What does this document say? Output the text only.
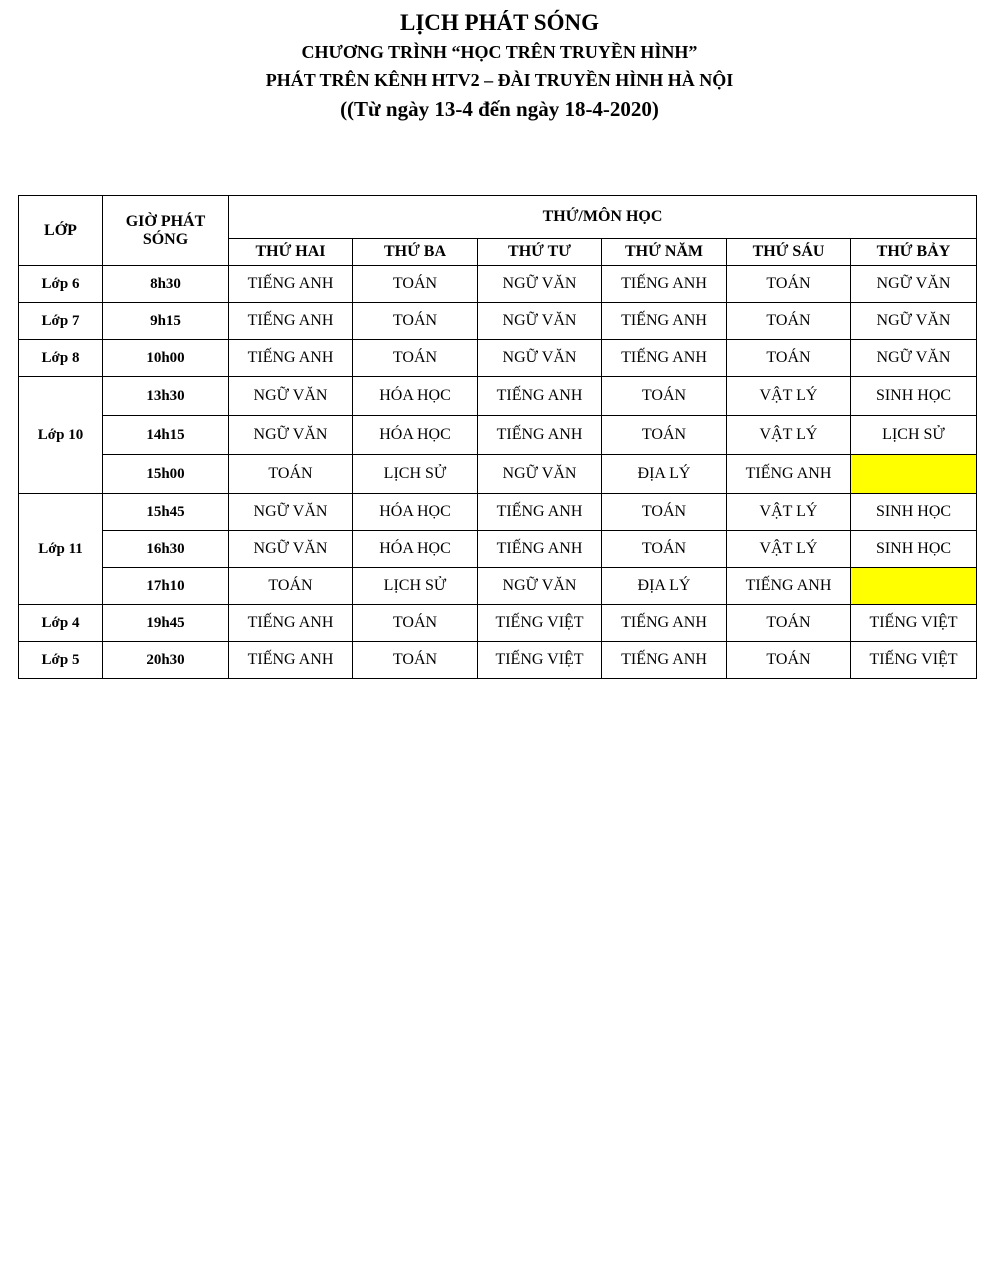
LỊCH PHÁT SÓNG
CHƯƠNG TRÌNH “HỌC TRÊN TRUYỀN HÌNH”
PHÁT TRÊN KÊNH HTV2 – ĐÀI TRUYỀN HÌNH HÀ NỘI
((Từ ngày 13-4 đến ngày 18-4-2020)
LỚP	GIỜ PHÁT SÓNG	THỨ/MÔN HỌC					
		THỨ HAI	THỨ BA	THỨ TƯ	THỨ NĂM	THỨ SÁU	THỨ BẢY
Lớp 6	8h30	TIẾNG ANH	TOÁN	NGỮ VĂN	TIẾNG ANH	TOÁN	NGỮ VĂN
Lớp 7	9h15	TIẾNG ANH	TOÁN	NGỮ VĂN	TIẾNG ANH	TOÁN	NGỮ VĂN
Lớp 8	10h00	TIẾNG ANH	TOÁN	NGỮ VĂN	TIẾNG ANH	TOÁN	NGỮ VĂN
Lớp 10	13h30	NGỮ VĂN	HÓA HỌC	TIẾNG ANH	TOÁN	VẬT LÝ	SINH HỌC
	14h15	NGỮ VĂN	HÓA HỌC	TIẾNG ANH	TOÁN	VẬT LÝ	LỊCH SỬ
	15h00	TOÁN	LỊCH SỬ	NGỮ VĂN	ĐỊA LÝ	TIẾNG ANH	
Lớp 11	15h45	NGỮ VĂN	HÓA HỌC	TIẾNG ANH	TOÁN	VẬT LÝ	SINH HỌC
	16h30	NGỮ VĂN	HÓA HỌC	TIẾNG ANH	TOÁN	VẬT LÝ	SINH HỌC
	17h10	TOÁN	LỊCH SỬ	NGỮ VĂN	ĐỊA LÝ	TIẾNG ANH	
Lớp 4	19h45	TIẾNG ANH	TOÁN	TIẾNG VIỆT	TIẾNG ANH	TOÁN	TIẾNG VIỆT
Lớp 5	20h30	TIẾNG ANH	TOÁN	TIẾNG VIỆT	TIẾNG ANH	TOÁN	TIẾNG VIỆT
